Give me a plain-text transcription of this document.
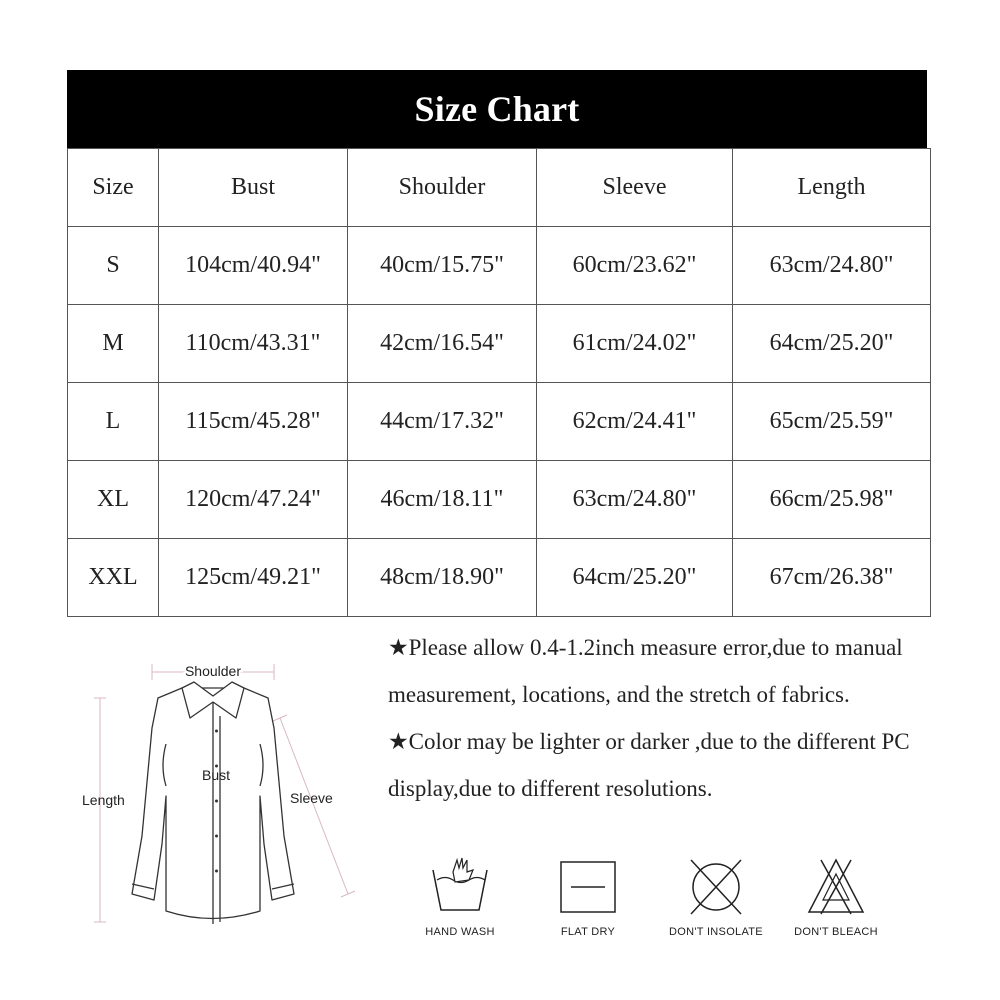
Size Chart
Size	Bust	Shoulder	Sleeve	Length
S	104cm/40.94"	40cm/15.75"	60cm/23.62"	63cm/24.80"
M	110cm/43.31"	42cm/16.54"	61cm/24.02"	64cm/25.20"
L	115cm/45.28"	44cm/17.32"	62cm/24.41"	65cm/25.59"
XL	120cm/47.24"	46cm/18.11"	63cm/24.80"	66cm/25.98"
XXL	125cm/49.21"	48cm/18.90"	64cm/25.20"	67cm/26.38"
Shoulder
Bust
Length	Sleeve

★Please allow 0.4-1.2inch measure error,due to manual measurement, locations, and the stretch of fabrics.

★Color may be lighter or darker ,due to the different PC display,due to different resolutions.

HAND WASH	FLAT DRY	DON'T INSOLATE	DON'T BLEACH
